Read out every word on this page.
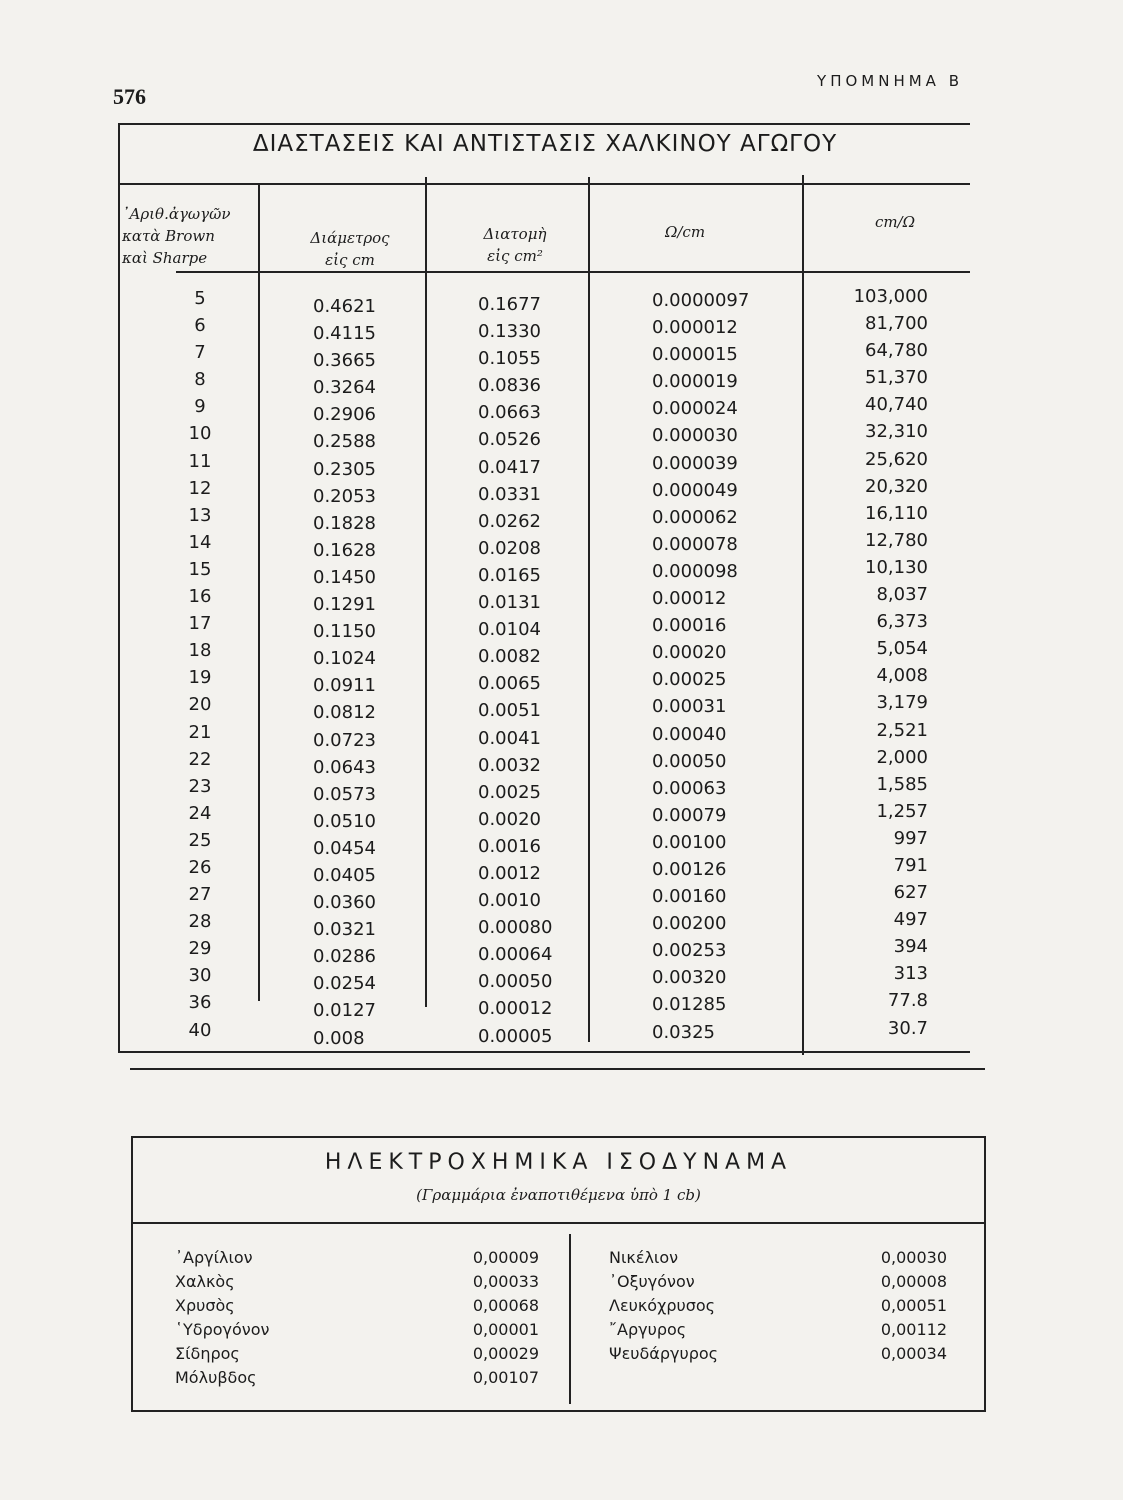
576
ΥΠΟΜΝΗΜΑ Β
ΔΙΑΣΤΑΣΕΙΣ ΚΑΙ ΑΝΤΙΣΤΑΣΙΣ ΧΑΛΚΙΝΟΥ ΑΓΩΓΟΥ
᾿Αριθ.ἀγωγῶν
κατὰ Brown
καὶ Sharpe
Διάμετρος
εἰς cm
Διατομὴ
εἰς cm²
Ω/cm
cm/Ω
5
6
7
8
9
10
11
12
13
14
15
16
17
18
19
20
21
22
23
24
25
26
27
28
29
30
36
40
0.4621
0.4115
0.3665
0.3264
0.2906
0.2588
0.2305
0.2053
0.1828
0.1628
0.1450
0.1291
0.1150
0.1024
0.0911
0.0812
0.0723
0.0643
0.0573
0.0510
0.0454
0.0405
0.0360
0.0321
0.0286
0.0254
0.0127
0.008
0.1677
0.1330
0.1055
0.0836
0.0663
0.0526
0.0417
0.0331
0.0262
0.0208
0.0165
0.0131
0.0104
0.0082
0.0065
0.0051
0.0041
0.0032
0.0025
0.0020
0.0016
0.0012
0.0010
0.00080
0.00064
0.00050
0.00012
0.00005
0.0000097
0.000012
0.000015
0.000019
0.000024
0.000030
0.000039
0.000049
0.000062
0.000078
0.000098
0.00012
0.00016
0.00020
0.00025
0.00031
0.00040
0.00050
0.00063
0.00079
0.00100
0.00126
0.00160
0.00200
0.00253
0.00320
0.01285
0.0325
103,000
81,700
64,780
51,370
40,740
32,310
25,620
20,320
16,110
12,780
10,130
8,037
6,373
5,054
4,008
3,179
2,521
2,000
1,585
1,257
997
791
627
497
394
313
77.8
30.7
ΗΛΕΚΤΡΟΧΗΜΙΚΑ ΙΣΟΔΥΝΑΜΑ
(Γραμμάρια ἐναποτιθέμενα ὑπὸ 1 cb)
᾿Αργίλιον
Χαλκὸς
Χρυσὸς
῾Υδρογόνον
Σίδηρος
Μόλυβδος
0,00009
0,00033
0,00068
0,00001
0,00029
0,00107
Νικέλιον
᾿Οξυγόνον
Λευκόχρυσος
῎Αργυρος
Ψευδάργυρος
0,00030
0,00008
0,00051
0,00112
0,00034
